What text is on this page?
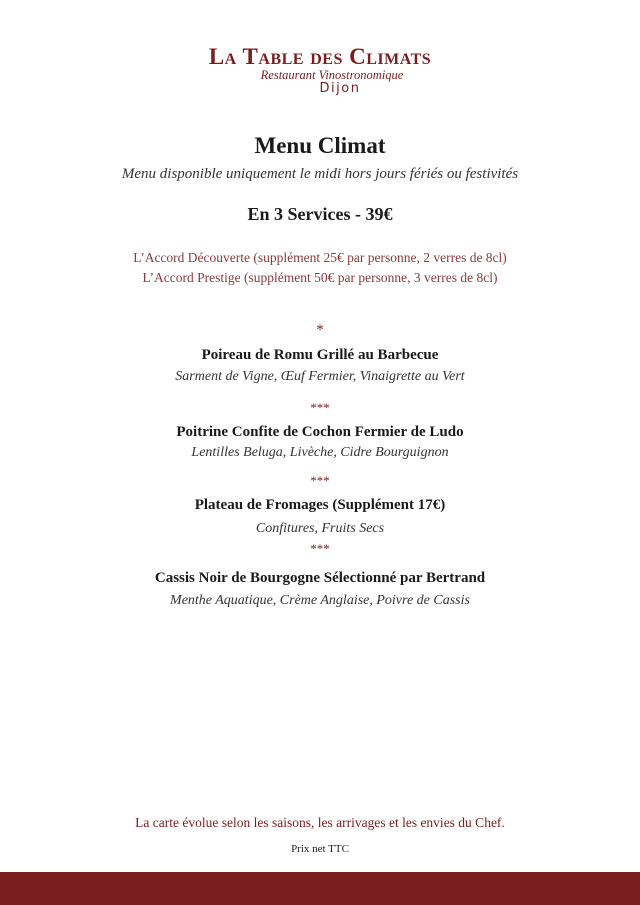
La Table des Climats
Restaurant Vinostronomique
Dijon
Menu Climat
Menu disponible uniquement le midi hors jours fériés ou festivités
En 3 Services - 39€
L’Accord Découverte (supplément 25€ par personne, 2 verres de 8cl)
L’Accord Prestige (supplément 50€ par personne, 3 verres de 8cl)
*
Poireau de Romu Grillé au Barbecue
Sarment de Vigne, Œuf Fermier, Vinaigrette au Vert
***
Poitrine Confite de Cochon Fermier de Ludo
Lentilles Beluga, Livèche, Cidre Bourguignon
***
Plateau de Fromages (Supplément 17€)
Confitures, Fruits Secs
***
Cassis Noir de Bourgogne Sélectionné par Bertrand
Menthe Aquatique, Crème Anglaise, Poivre de Cassis
La carte évolue selon les saisons, les arrivages et les envies du Chef.
Prix net TTC
